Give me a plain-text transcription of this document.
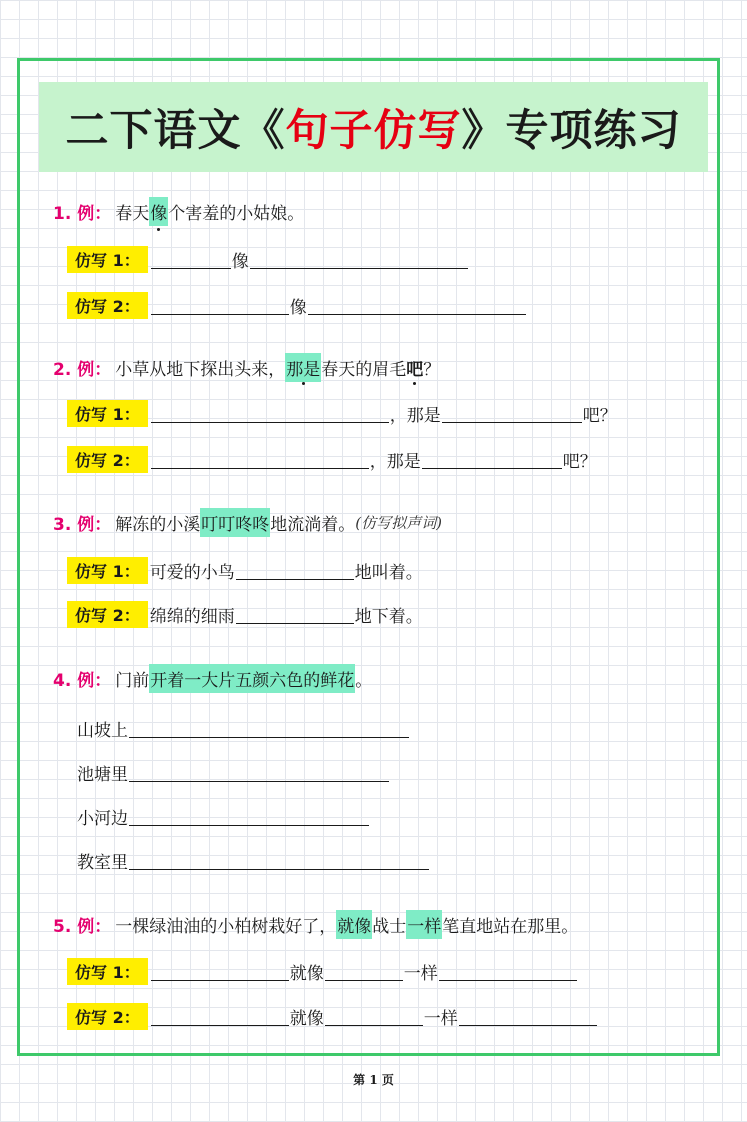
二下语文《 句子仿写 》专项练习
1. 例： 春天 像 个害羞的小姑娘。
仿写 1：	像
仿写 2：	像
2. 例： 小草从地下探出头来， 那是 春天的眉毛 吧 ？
仿写 1：	，那是	吧？
仿写 2：	，那是	吧？
3. 例： 解冻的小溪 叮叮咚咚 地流淌着。 (仿写拟声词)
仿写 1： 可爱的小鸟	地叫着。
仿写 2： 绵绵的细雨	地下着。
4. 例： 门前 开着一大片五颜六色的鲜花 。
山坡上
池塘里
小河边
教室里
5. 例： 一棵绿油油的小柏树栽好了， 就像 战士 一样 笔直地站在那里。
仿写 1：	就像	一样
仿写 2：	就像	一样
第 1 页
